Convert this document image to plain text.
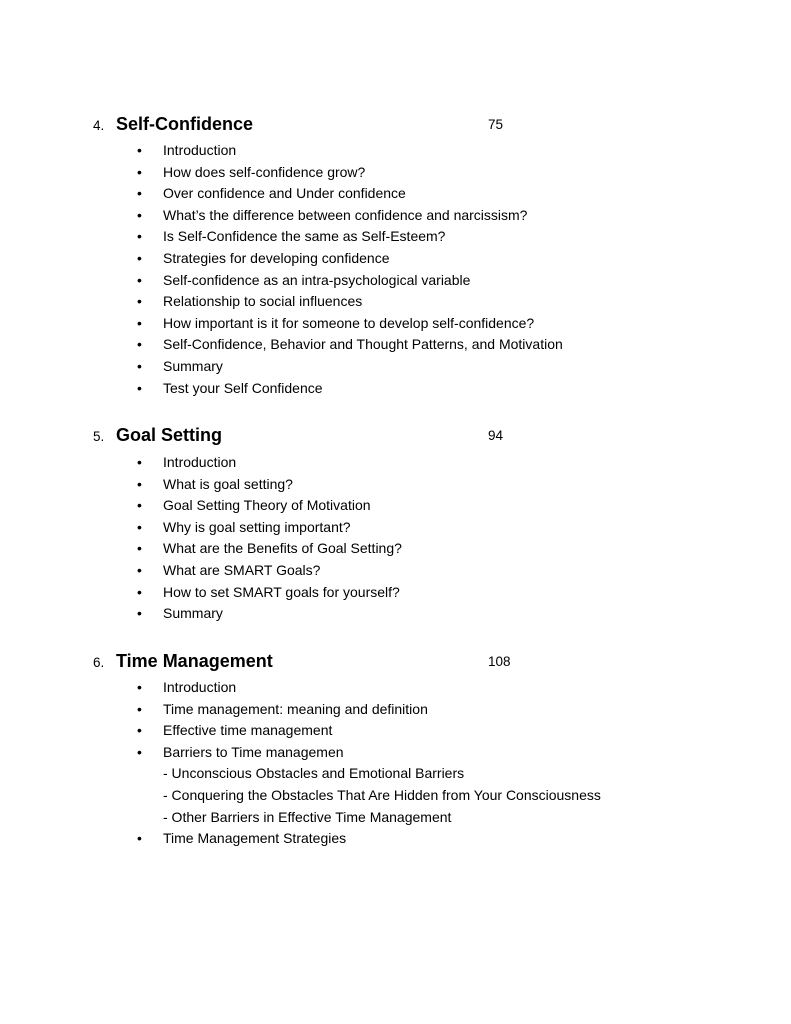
4. Self-Confidence	75
• Introduction
• How does self-confidence grow?
• Over confidence and Under confidence
• What’s the difference between confidence and narcissism?
• Is Self-Confidence the same as Self-Esteem?
• Strategies for developing confidence
• Self-confidence as an intra-psychological variable
• Relationship to social influences
• How important is it for someone to develop self-confidence?
• Self-Confidence, Behavior and Thought Patterns, and Motivation
• Summary
• Test your Self Confidence
5. Goal Setting	94
• Introduction
• What is goal setting?
• Goal Setting Theory of Motivation
• Why is goal setting important?
• What are the Benefits of Goal Setting?
• What are SMART Goals?
• How to set SMART goals for yourself?
• Summary
6. Time Management	108
• Introduction
• Time management: meaning and definition
• Effective time management
• Barriers to Time managemen
- Unconscious Obstacles and Emotional Barriers
- Conquering the Obstacles That Are Hidden from Your Consciousness
- Other Barriers in Effective Time Management
• Time Management Strategies
